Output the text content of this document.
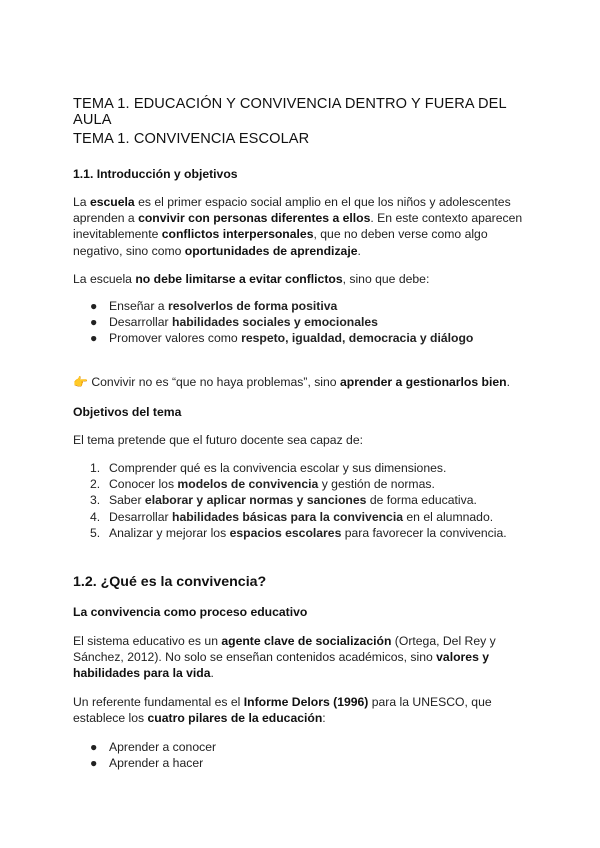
TEMA 1. EDUCACIÓN Y CONVIVENCIA DENTRO Y FUERA DEL AULA
TEMA 1. CONVIVENCIA ESCOLAR
1.1. Introducción y objetivos

La escuela es el primer espacio social amplio en el que los niños y adolescentes aprenden a convivir con personas diferentes a ellos. En este contexto aparecen inevitablemente conflictos interpersonales, que no deben verse como algo negativo, sino como oportunidades de aprendizaje.

La escuela no debe limitarse a evitar conflictos, sino que debe:

● Enseñar a resolverlos de forma positiva
● Desarrollar habilidades sociales y emocionales
● Promover valores como respeto, igualdad, democracia y diálogo

👉 Convivir no es “que no haya problemas”, sino aprender a gestionarlos bien.

Objetivos del tema

El tema pretende que el futuro docente sea capaz de:

1. Comprender qué es la convivencia escolar y sus dimensiones.
2. Conocer los modelos de convivencia y gestión de normas.
3. Saber elaborar y aplicar normas y sanciones de forma educativa.
4. Desarrollar habilidades básicas para la convivencia en el alumnado.
5. Analizar y mejorar los espacios escolares para favorecer la convivencia.
1.2. ¿Qué es la convivencia?
La convivencia como proceso educativo

El sistema educativo es un agente clave de socialización (Ortega, Del Rey y Sánchez, 2012). No solo se enseñan contenidos académicos, sino valores y habilidades para la vida.

Un referente fundamental es el Informe Delors (1996) para la UNESCO, que establece los cuatro pilares de la educación:

● Aprender a conocer
● Aprender a hacer
